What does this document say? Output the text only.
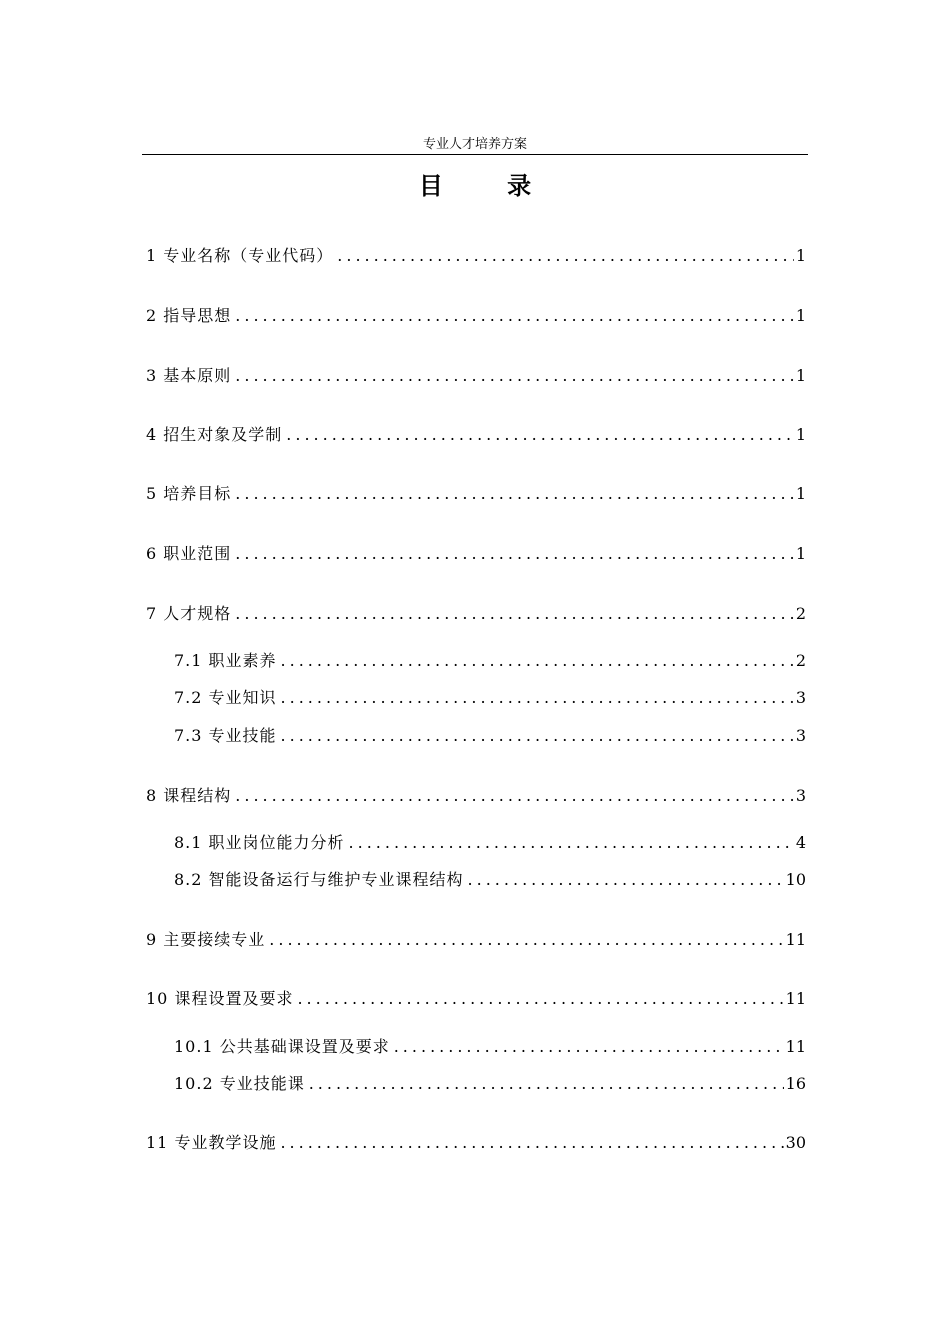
专业人才培养方案
目 录
1 专业名称（专业代码） .....	1
2 指导思想 .....	1
3 基本原则 .....	1
4 招生对象及学制 .....	1
5 培养目标 .....	1
6 职业范围 .....	1
7 人才规格 .....	2
7.1 职业素养 .....	2
7.2 专业知识 .....	3
7.3 专业技能 .....	3
8 课程结构 .....	3
8.1 职业岗位能力分析 .....	4
8.2 智能设备运行与维护专业课程结构 .....	10
9 主要接续专业 .....	11
10 课程设置及要求 .....	11
10.1 公共基础课设置及要求 .....	11
10.2 专业技能课 .....	16
11 专业教学设施 .....	30
